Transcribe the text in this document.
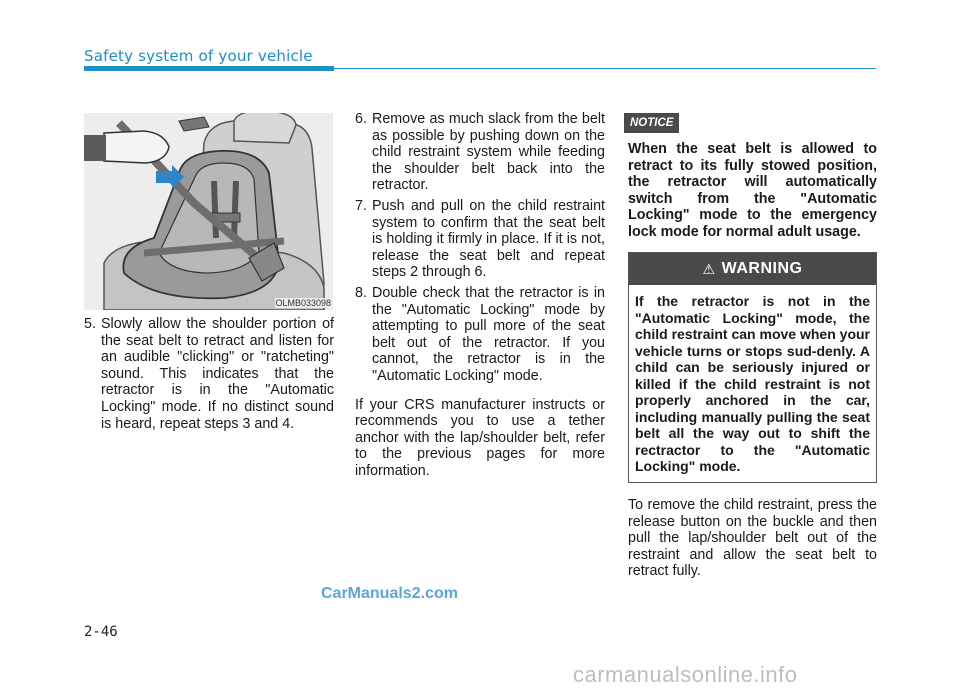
Safety system of your vehicle
OLMB033098
5. Slowly allow the shoulder portion of the seat belt to retract and listen for an audible "clicking" or "ratcheting" sound. This indicates that the retractor is in the "Automatic Locking" mode. If no distinct sound is heard, repeat steps 3 and 4.
6. Remove as much slack from the belt as possible by pushing down on the child restraint system while feeding the shoulder belt back into the retractor.
7. Push and pull on the child restraint system to confirm that the seat belt is holding it firmly in place. If it is not, release the seat belt and repeat steps 2 through 6.
8. Double check that the retractor is in the "Automatic Locking" mode by attempting to pull more of the seat belt out of the retractor. If you cannot, the retractor is in the "Automatic Locking" mode.
If your CRS manufacturer instructs or recommends you to use a tether anchor with the lap/shoulder belt, refer to the previous pages for more information.
NOTICE
When the seat belt is allowed to retract to its fully stowed position, the retractor will automatically switch from the "Automatic Locking" mode to the emergency lock mode for normal adult usage.
⚠ WARNING
If the retractor is not in the "Automatic Locking" mode, the child restraint can move when your vehicle turns or stops sud-denly. A child can be seriously injured or killed if the child restraint is not properly anchored in the car, including manually pulling the seat belt all the way out to shift the rectractor to the "Automatic Locking" mode.
To remove the child restraint, press the release button on the buckle and then pull the lap/shoulder belt out of the restraint and allow the seat belt to retract fully.
2-46
CarManuals2.com
carmanualsonline.info
